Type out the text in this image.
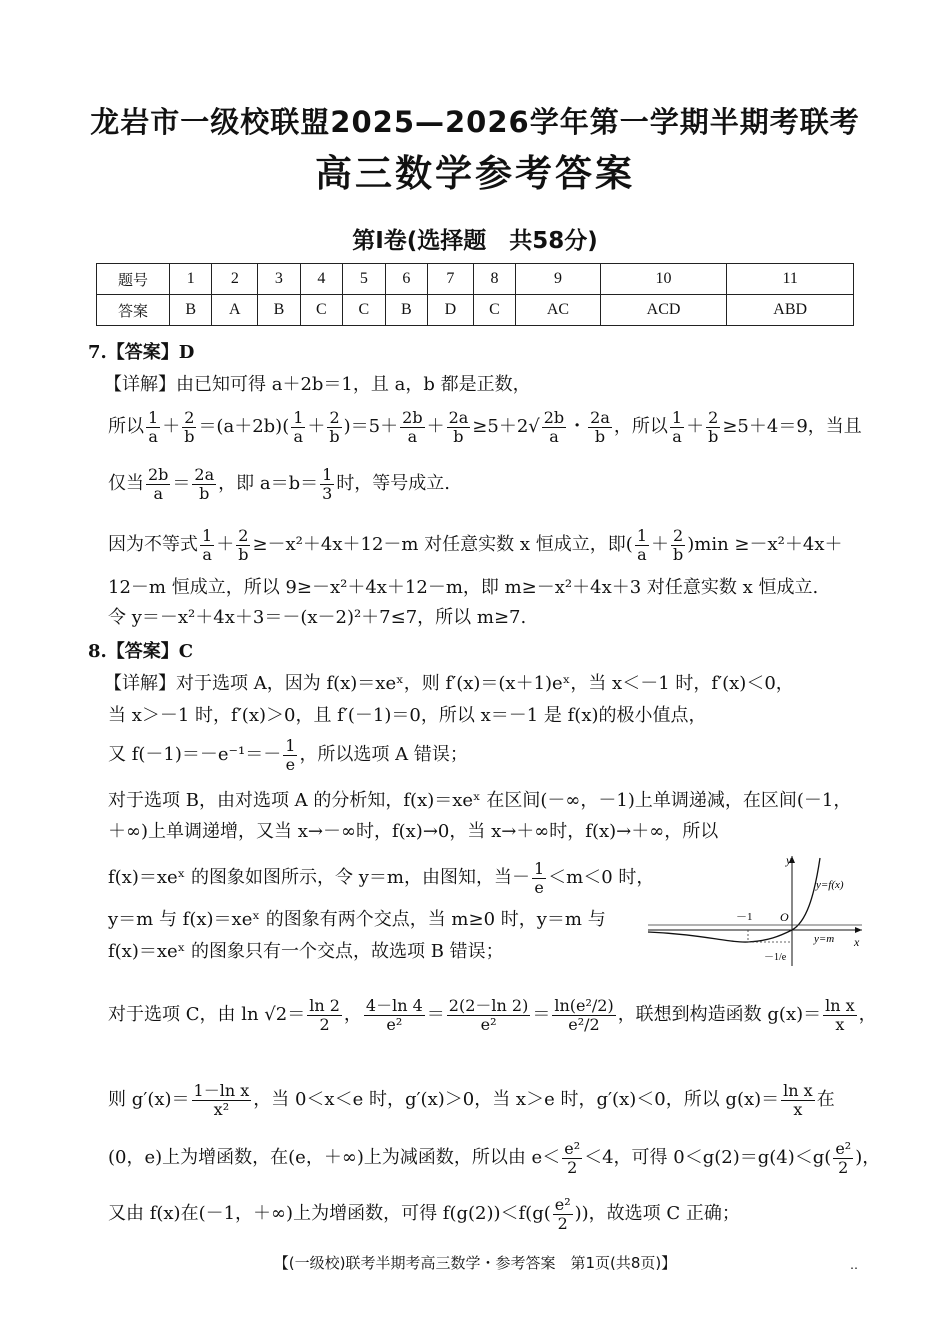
龙岩市一级校联盟2025—2026学年第一学期半期考联考
高三数学参考答案
第Ⅰ卷(选择题　共58分)
题号	1	2	3	4	5	6	7	8	9	10	11
答案	B	A	B	C	C	B	D	C	AC	ACD	ABD
7.【答案】D
【详解】由已知可得 a＋2b＝1，且 a，b 都是正数，
所以 $\frac{1}{a} + \frac{2}{b} =(a+2b)( \frac{1}{a} + \frac{2}{b} )=5+ \frac{2b}{a} + \frac{2a}{b} \ge 5+2√ \frac{2b}{a}$ ・ $\frac{2a}{b}$ ，所以 $\frac{1}{a} + \frac{2}{b} \ge 5+4=9$，当且
仅当 $\frac{2b}{a} = \frac{2a}{b}$ ，即 $a=b= \frac{1}{3}$ 时，等号成立.
因为不等式 $\frac{1}{a} + \frac{2}{b} \ge-x^2+4x+12-m$ 对任意实数 x 恒成立，即( $\frac{1}{a} + \frac{2}{b} )\min \ge-x^2+4x+$
12－m 恒成立，所以 9≥－x²＋4x＋12－m，即 m≥－x²＋4x＋3 对任意实数 x 恒成立.
令 y＝－x²＋4x＋3＝－(x－2)²＋7≤7，所以 m≥7.
8.【答案】C
【详解】对于选项 A，因为 f(x)＝xeˣ，则 f′(x)＝(x＋1)eˣ，当 x＜－1 时，f′(x)＜0，
当 x＞－1 时，f′(x)＞0，且 f′(－1)＝0，所以 x＝－1 是 f(x)的极小值点，
又 $f(-1)=-e^{-1}=- \frac{1}{e}$ ，所以选项 A 错误；
对于选项 B，由对选项 A 的分析知，f(x)＝xeˣ 在区间(－∞，－1)上单调递减，在区间(－1，
＋∞)上单调递增，又当 x→－∞时，f(x)→0，当 x→＋∞时，f(x)→＋∞，所以
f(x)＝xeˣ 的图象如图所示，令 y＝m，由图知，当－ $\frac{1}{e} <m<0$ 时，
y＝m 与 f(x)＝xeˣ 的图象有两个交点，当 m≥0 时，y＝m 与
f(x)＝xeˣ 的图象只有一个交点，故选项 B 错误；
y
x
O
－1
y=f(x)
y=m
－1/e
对于选项 C，由 $\ln √2= \frac{\ln 2}{2}$ ， $\frac{4-\ln 4}{\text{e²}} = \frac{2(2-\ln 2)}{\text{e²}} = \frac{\text{ln(e²/2)}}{\text{e²/2}}$ ，联想到构造函数 $g(x)= \frac{\text{ln x}}{x}$ ，
则 $g'(x)= \frac{\text{1－ln x}}{\text{x²}}$ ，当 0＜x＜e 时，g′(x)＞0，当 x＞e 时，g′(x)＜0，所以 $g(x)= \frac{\text{ln x}}{x}$ 在
(0，e)上为增函数，在(e，＋∞)上为减函数，所以由 $e< \frac{\text{e²}}{2} <4$，可得 $0<g(2)=g(4)<g( \frac{\text{e²}}{2}$ )，
又由 f(x)在(－1，＋∞)上为增函数，可得 $f(g(2))<f(g( \frac{\text{e²}}{2}$ ))，故选项 C 正确；
【(一级校)联考半期考高三数学・参考答案　第1页(共8页)】	‥
